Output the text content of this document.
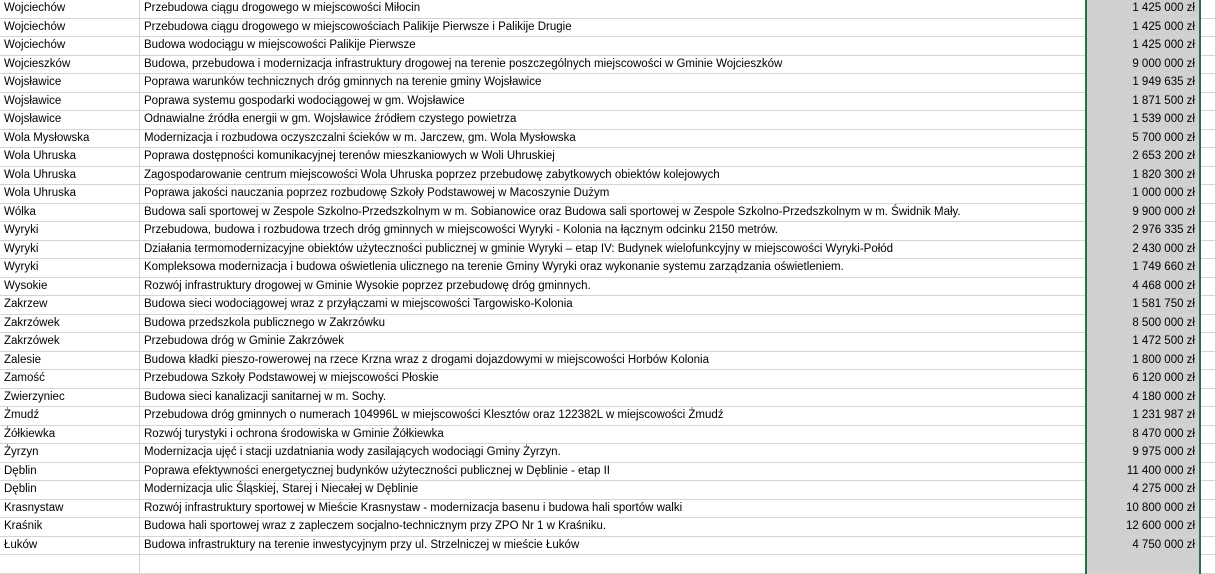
Wojciechów	Przebudowa ciągu drogowego w miejscowości Miłocin	1 425 000 zł	
Wojciechów	Przebudowa ciągu drogowego w miejscowościach Palikije Pierwsze i Palikije Drugie	1 425 000 zł	
Wojciechów	Budowa wodociągu w miejscowości Palikije Pierwsze	1 425 000 zł	
Wojcieszków	Budowa, przebudowa i modernizacja infrastruktury drogowej na terenie poszczególnych miejscowości w Gminie Wojcieszków	9 000 000 zł	
Wojsławice	Poprawa warunków technicznych dróg gminnych na terenie gminy Wojsławice	1 949 635 zł	
Wojsławice	Poprawa systemu gospodarki wodociągowej w gm. Wojsławice	1 871 500 zł	
Wojsławice	Odnawialne źródła energii w gm. Wojsławice źródłem czystego powietrza	1 539 000 zł	
Wola Mysłowska	Modernizacja i rozbudowa oczyszczalni ścieków w m. Jarczew, gm. Wola Mysłowska	5 700 000 zł	
Wola Uhruska	Poprawa dostępności komunikacyjnej terenów mieszkaniowych w Woli Uhruskiej	2 653 200 zł	
Wola Uhruska	Zagospodarowanie centrum miejscowości Wola Uhruska poprzez przebudowę zabytkowych obiektów kolejowych	1 820 300 zł	
Wola Uhruska	Poprawa jakości nauczania poprzez rozbudowę Szkoły Podstawowej w Macoszynie Dużym	1 000 000 zł	
Wólka	Budowa sali sportowej w Zespole Szkolno-Przedszkolnym w m. Sobianowice oraz Budowa sali sportowej w Zespole Szkolno-Przedszkolnym w m. Świdnik Mały.	9 900 000 zł	
Wyryki	Przebudowa, budowa i rozbudowa trzech dróg gminnych w miejscowości Wyryki - Kolonia na łącznym odcinku 2150 metrów.	2 976 335 zł	
Wyryki	Działania termomodernizacyjne obiektów użyteczności publicznej w gminie Wyryki – etap IV: Budynek wielofunkcyjny w miejscowości Wyryki-Połód	2 430 000 zł	
Wyryki	Kompleksowa modernizacja i budowa oświetlenia ulicznego na terenie Gminy Wyryki oraz wykonanie systemu zarządzania oświetleniem.	1 749 660 zł	
Wysokie	Rozwój infrastruktury drogowej w Gminie Wysokie poprzez przebudowę dróg gminnych.	4 468 000 zł	
Zakrzew	Budowa sieci wodociągowej wraz z przyłączami w miejscowości Targowisko-Kolonia	1 581 750 zł	
Zakrzówek	Budowa przedszkola publicznego w Zakrzówku	8 500 000 zł	
Zakrzówek	Przebudowa dróg w Gminie Zakrzówek	1 472 500 zł	
Zalesie	Budowa kładki pieszo-rowerowej na rzece Krzna wraz z drogami dojazdowymi w miejscowości Horbów Kolonia	1 800 000 zł	
Zamość	Przebudowa Szkoły Podstawowej w miejscowości Płoskie	6 120 000 zł	
Zwierzyniec	Budowa sieci kanalizacji sanitarnej w m. Sochy.	4 180 000 zł	
Żmudź	Przebudowa dróg gminnych o numerach 104996L w miejscowości Klesztów oraz 122382L w miejscowości Żmudź	1 231 987 zł	
Żółkiewka	Rozwój turystyki i ochrona środowiska w Gminie Żółkiewka	8 470 000 zł	
Żyrzyn	Modernizacja ujęć i stacji uzdatniania wody zasilających wodociągi Gminy Żyrzyn.	9 975 000 zł	
Dęblin	Poprawa efektywności energetycznej budynków użyteczności publicznej w Dęblinie - etap II	11 400 000 zł	
Dęblin	Modernizacja ulic Śląskiej, Starej i Niecałej w Dęblinie	4 275 000 zł	
Krasnystaw	Rozwój infrastruktury sportowej w Mieście Krasnystaw - modernizacja basenu i budowa hali sportów walki	10 800 000 zł	
Kraśnik	Budowa hali sportowej wraz z zapleczem socjalno-technicznym przy ZPO Nr 1 w Kraśniku.	12 600 000 zł	
Łuków	Budowa infrastruktury na terenie inwestycyjnym przy ul. Strzelniczej w mieście Łuków	4 750 000 zł	
